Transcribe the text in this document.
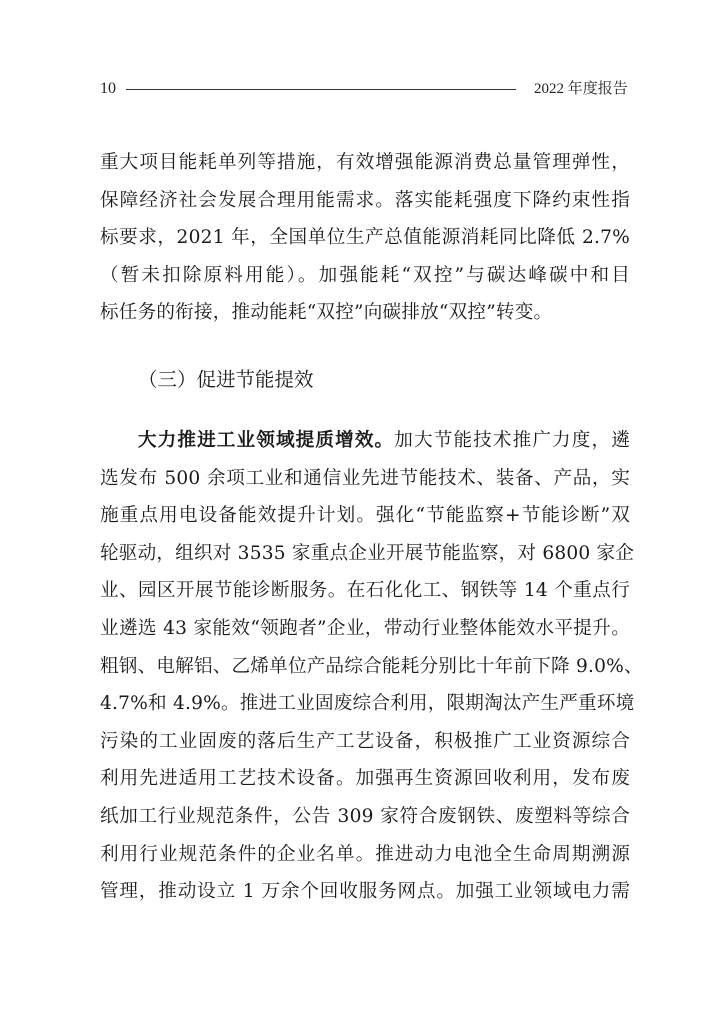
10	2022 年度报告

重大项目能耗单列等措施，有效增强能源消费总量管理弹性，
保障经济社会发展合理用能需求。落实能耗强度下降约束性指
标要求，2021 年，全国单位生产总值能源消耗同比降低 2.7%
（暂未扣除原料用能）。加强能耗“双控”与碳达峰碳中和目
标任务的衔接，推动能耗“双控”向碳排放“双控”转变。

（三）促进节能提效

大力推进工业领域提质增效。加大节能技术推广力度，遴
选发布 500 余项工业和通信业先进节能技术、装备、产品，实
施重点用电设备能效提升计划。强化“节能监察+节能诊断”双
轮驱动，组织对 3535 家重点企业开展节能监察，对 6800 家企
业、园区开展节能诊断服务。在石化化工、钢铁等 14 个重点行
业遴选 43 家能效“领跑者”企业，带动行业整体能效水平提升。
粗钢、电解铝、乙烯单位产品综合能耗分别比十年前下降 9.0%、
4.7%和 4.9%。推进工业固废综合利用，限期淘汰产生严重环境
污染的工业固废的落后生产工艺设备，积极推广工业资源综合
利用先进适用工艺技术设备。加强再生资源回收利用，发布废
纸加工行业规范条件，公告 309 家符合废钢铁、废塑料等综合
利用行业规范条件的企业名单。推进动力电池全生命周期溯源
管理，推动设立 1 万余个回收服务网点。加强工业领域电力需
